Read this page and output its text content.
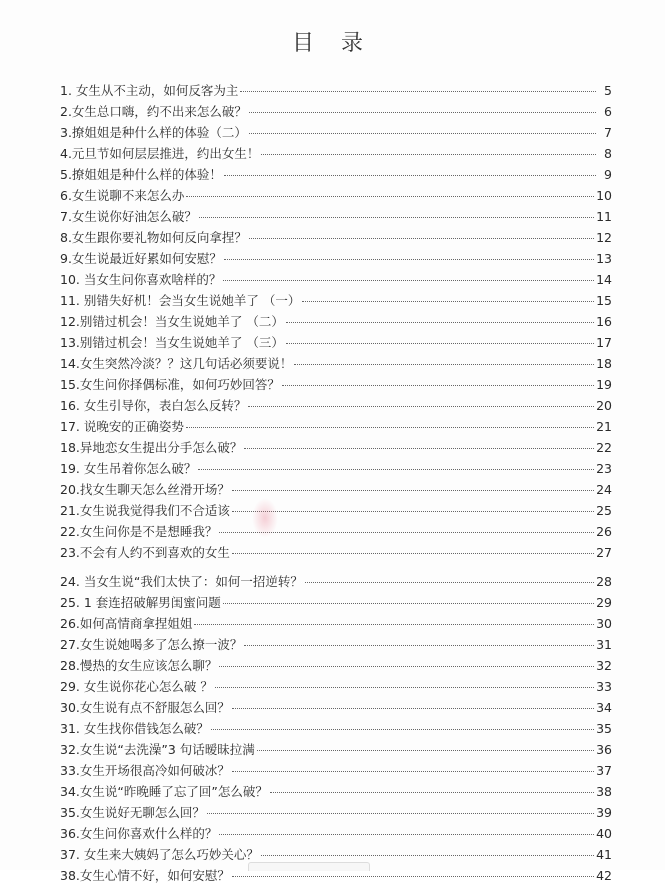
目 录
1. 女生从不主动，如何反客为主	5
2.女生总口嗨，约不出来怎么破？	6
3.撩姐姐是种什么样的体验（二）	7
4.元旦节如何层层推进，约出女生！	8
5.撩姐姐是种什么样的体验！	9
6.女生说聊不来怎么办	10
7.女生说你好油怎么破？	11
8.女生跟你要礼物如何反向拿捏？	12
9.女生说最近好累如何安慰？	13
10. 当女生问你喜欢啥样的？	14
11. 别错失好机！会当女生说她羊了 （一）	15
12.别错过机会！当女生说她羊了 （二）	16
13.别错过机会！当女生说她羊了 （三）	17
14.女生突然冷淡？？这几句话必须要说！	18
15.女生问你择偶标准，如何巧妙回答？	19
16. 女生引导你，表白怎么反转？	20
17. 说晚安的正确姿势	21
18.异地恋女生提出分手怎么破？	22
19. 女生吊着你怎么破？	23
20.找女生聊天怎么丝滑开场？	24
21.女生说我觉得我们不合适该	25
22.女生问你是不是想睡我？	26
23.不会有人约不到喜欢的女生	27
24. 当女生说“我们太快了：如何一招逆转？	28
25. 1 套连招破解男闺蜜问题	29
26.如何高情商拿捏姐姐	30
27.女生说她喝多了怎么撩一波？	31
28.慢热的女生应该怎么聊？	32
29. 女生说你花心怎么破 ？	33
30.女生说有点不舒服怎么回？	34
31. 女生找你借钱怎么破？	35
32.女生说“去洗澡”3 句话暧昧拉满	36
33.女生开场很高冷如何破冰？	37
34.女生说“昨晚睡了忘了回”怎么破？	38
35.女生说好无聊怎么回？	39
36.女生问你喜欢什么样的？	40
37. 女生来大姨妈了怎么巧妙关心？	41
38.女生心情不好，如何安慰？	42
